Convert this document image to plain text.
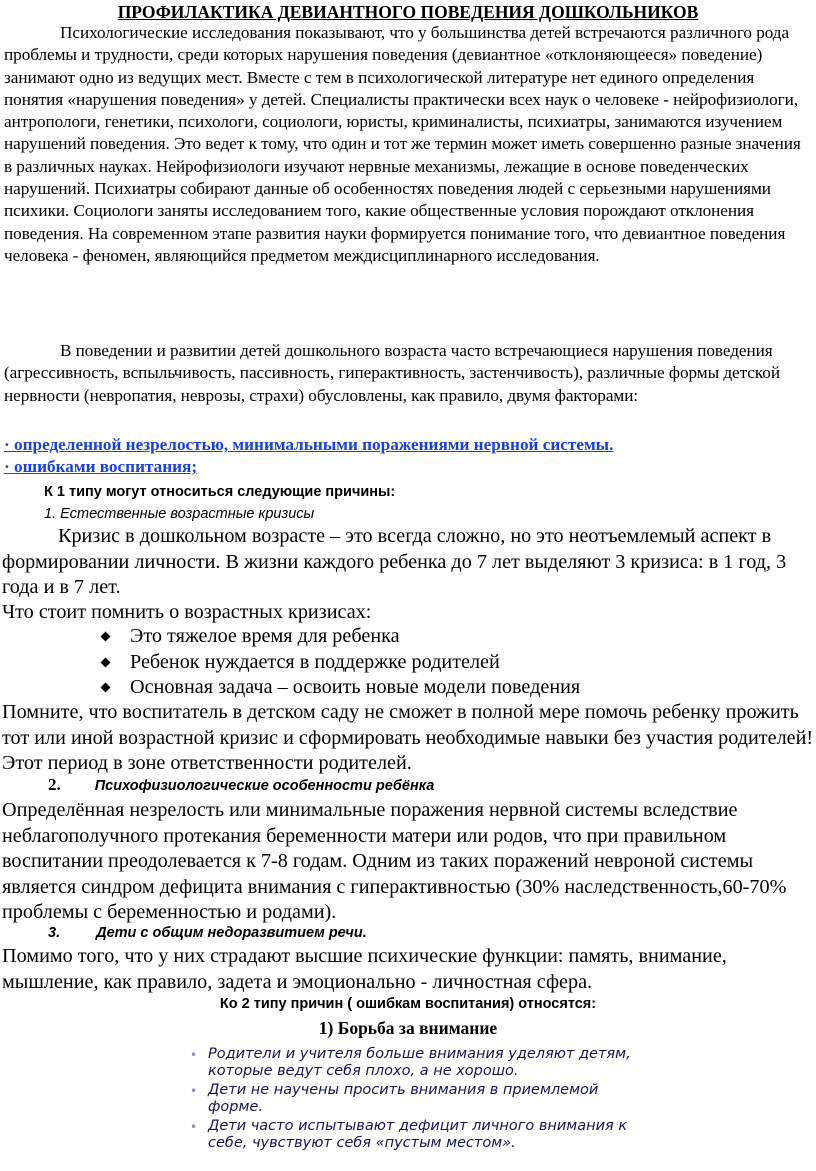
ПРОФИЛАКТИКА ДЕВИАНТНОГО ПОВЕДЕНИЯ ДОШКОЛЬНИКОВ

Психологические исследования показывают, что у большинства детей встречаются различного рода проблемы и трудности, среди которых нарушения поведения (девиантное «отклоняющееся» поведение) занимают одно из ведущих мест. Вместе с тем в психологической литературе нет единого определения понятия «нарушения поведения» у детей. Специалисты практически всех наук о человеке - нейрофизиологи, антропологи, генетики, психологи, социологи, юристы, криминалисты, психиатры, занимаются изучением нарушений поведения. Это ведет к тому, что один и тот же термин может иметь совершенно разные значения в различных науках. Нейрофизиологи изучают нервные механизмы, лежащие в основе поведенческих нарушений. Психиатры собирают данные об особенностях поведения людей с серьезными нарушениями психики. Социологи заняты исследованием того, какие общественные условия порождают отклонения поведения. На современном этапе развития науки формируется понимание того, что девиантное поведения человека - феномен, являющийся предметом междисциплинарного исследования.

В поведении и развитии детей дошкольного возраста часто встречающиеся нарушения поведения (агрессивность, вспыльчивость, пассивность, гиперактивность, застенчивость), различные формы детской нервности (невропатия, неврозы, страхи) обусловлены, как правило, двумя факторами:

· определенной незрелостью, минимальными поражениями нервной системы.
· ошибками воспитания;
К 1 типу могут относиться следующие причины:
1. Естественные возрастные кризисы

Кризис в дошкольном возрасте – это всегда сложно, но это неотъемлемый аспект в формировании личности. В жизни каждого ребенка до 7 лет выделяют 3 кризиса: в 1 год, 3 года и в 7 лет.

Что стоит помнить о возрастных кризисах:
Это тяжелое время для ребенка
Ребенок нуждается в поддержке родителей
Основная задача – освоить новые модели поведения

Помните, что воспитатель в детском саду не сможет в полной мере помочь ребенку прожить тот или иной возрастной кризис и сформировать необходимые навыки без участия родителей! Этот период в зоне ответственности родителей.

2. Психофизиологические особенности ребёнка

Определённая незрелость или минимальные поражения нервной системы вследствие неблагополучного протекания беременности матери или родов, что при правильном воспитании преодолевается к 7-8 годам. Одним из таких поражений невроной системы является синдром дефицита внимания с гиперактивностью (30% наследственность,60-70% проблемы с беременностью и родами).

3. Дети с общим недоразвитием речи.

Помимо того, что у них страдают высшие психические функции: память, внимание, мышление, как правило, задета и эмоционально - личностная сфера.

Ко 2 типу причин ( ошибкам воспитания) относятся:
1) Борьба за внимание
• Родители и учителя больше внимания уделяют детям, которые ведут себя плохо, а не хорошо.
• Дети не научены просить внимания в приемлемой форме.
• Дети часто испытывают дефицит личного внимания к себе, чувствуют себя «пустым местом».
